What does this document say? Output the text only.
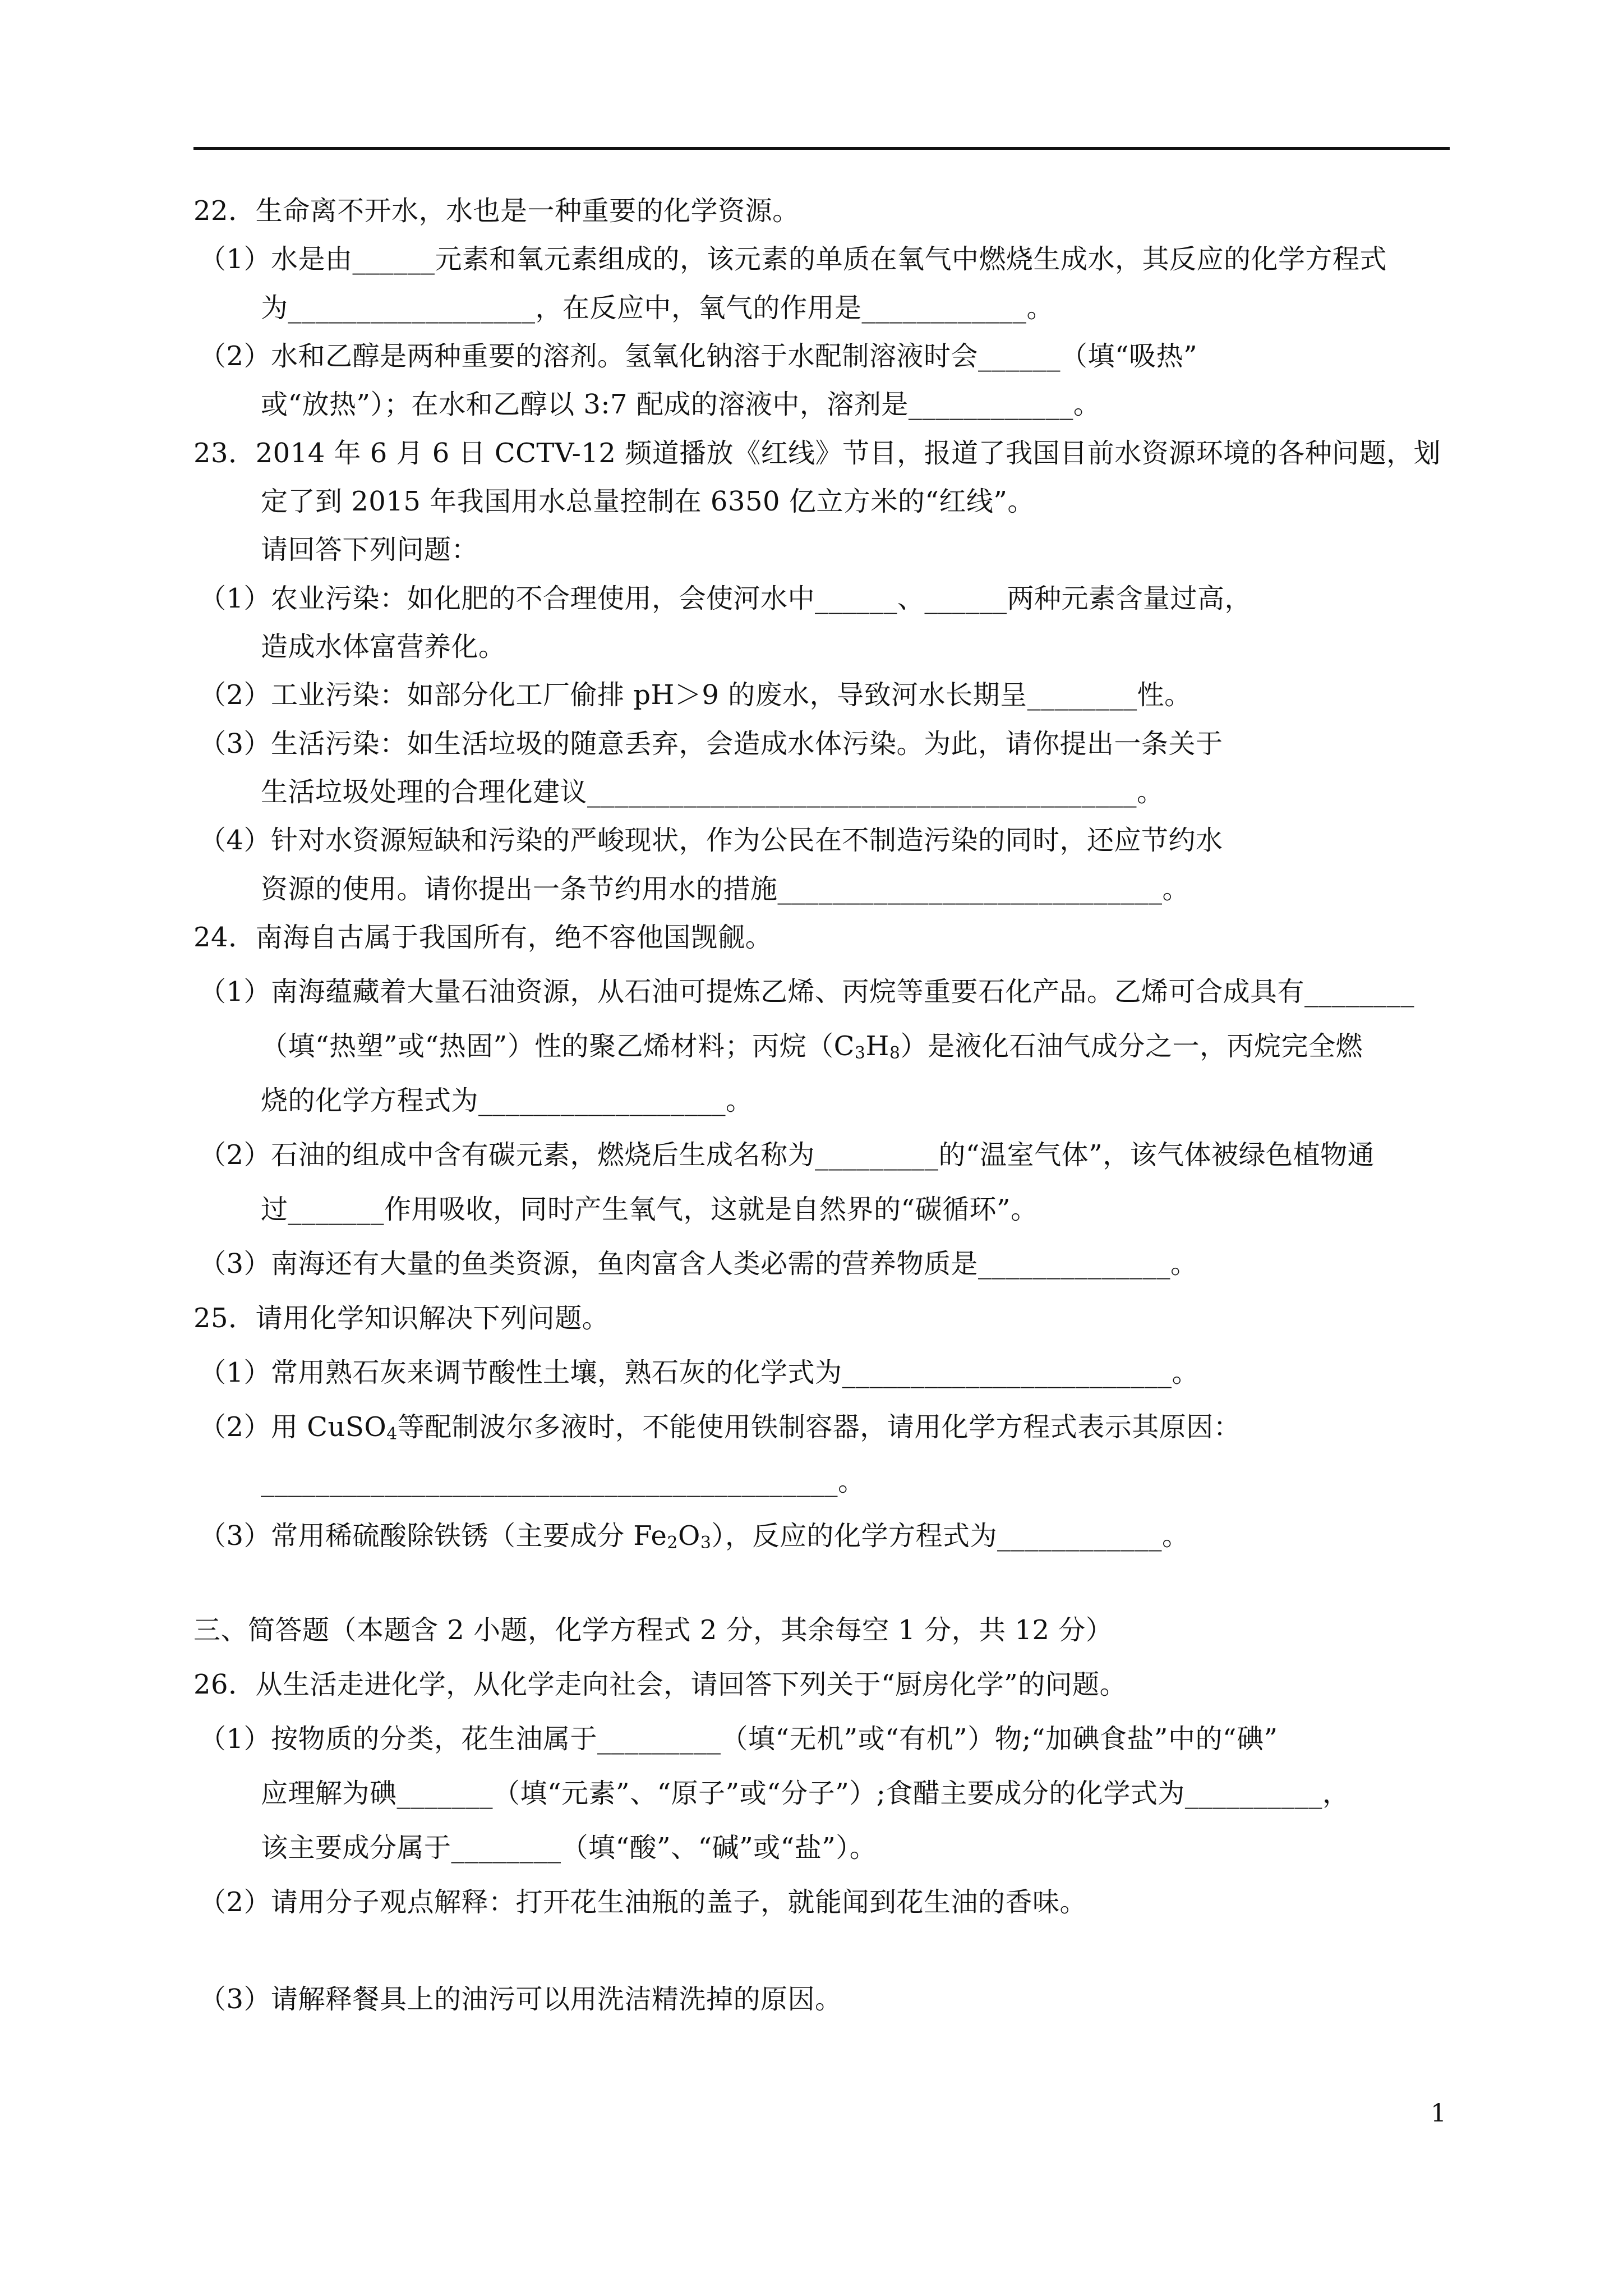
22．生命离不开水，水也是一种重要的化学资源。

（1）水是由______元素和氧元素组成的，该元素的单质在氧气中燃烧生成水，其反应的化学方程式

为__________________，在反应中，氧气的作用是____________。

（2）水和乙醇是两种重要的溶剂。氢氧化钠溶于水配制溶液时会______（填“吸热”

或“放热”）；在水和乙醇以 3:7 配成的溶液中，溶剂是____________。

23．2014 年 6 月 6 日 CCTV-12 频道播放《红线》节目，报道了我国目前水资源环境的各种问题，划

定了到 2015 年我国用水总量控制在 6350 亿立方米的“红线”。

请回答下列问题：

（1）农业污染：如化肥的不合理使用，会使河水中______、______两种元素含量过高，

造成水体富营养化。

（2）工业污染：如部分化工厂偷排 pH＞9 的废水，导致河水长期呈________性。

（3）生活污染：如生活垃圾的随意丢弃，会造成水体污染。为此，请你提出一条关于

生活垃圾处理的合理化建议________________________________________。

（4）针对水资源短缺和污染的严峻现状，作为公民在不制造污染的同时，还应节约水

资源的使用。请你提出一条节约用水的措施____________________________。

24．南海自古属于我国所有，绝不容他国觊觎。

（1）南海蕴藏着大量石油资源，从石油可提炼乙烯、丙烷等重要石化产品。乙烯可合成具有________

（填“热塑”或“热固”）性的聚乙烯材料；丙烷$(C_3H_8)$是液化石油气成分之一，丙烷完全燃

烧的化学方程式为__________________。

（2）石油的组成中含有碳元素，燃烧后生成名称为_________的“温室气体”，该气体被绿色植物通

过_______作用吸收，同时产生氧气，这就是自然界的“碳循环”。

（3）南海还有大量的鱼类资源，鱼肉富含人类必需的营养物质是______________。

25．请用化学知识解决下列问题。

（1）常用熟石灰来调节酸性土壤，熟石灰的化学式为________________________。

（2）用 CuSO$_4$等配制波尔多液时，不能使用铁制容器，请用化学方程式表示其原因：

__________________________________________。

（3）常用稀硫酸除铁锈（主要成分 $Fe_2O_3$），反应的化学方程式为____________。

三、简答题（本题含 2 小题，化学方程式 2 分，其余每空 1 分，共 12 分）

26．从生活走进化学，从化学走向社会，请回答下列关于“厨房化学”的问题。

（1）按物质的分类，花生油属于_________（填“无机”或“有机”）物;“加碘食盐”中的“碘”

应理解为碘_______（填“元素”、“原子”或“分子”）;食醋主要成分的化学式为__________，

该主要成分属于________（填“酸”、“碱”或“盐”）。

（2）请用分子观点解释：打开花生油瓶的盖子，就能闻到花生油的香味。

（3）请解释餐具上的油污可以用洗洁精洗掉的原因。

1
